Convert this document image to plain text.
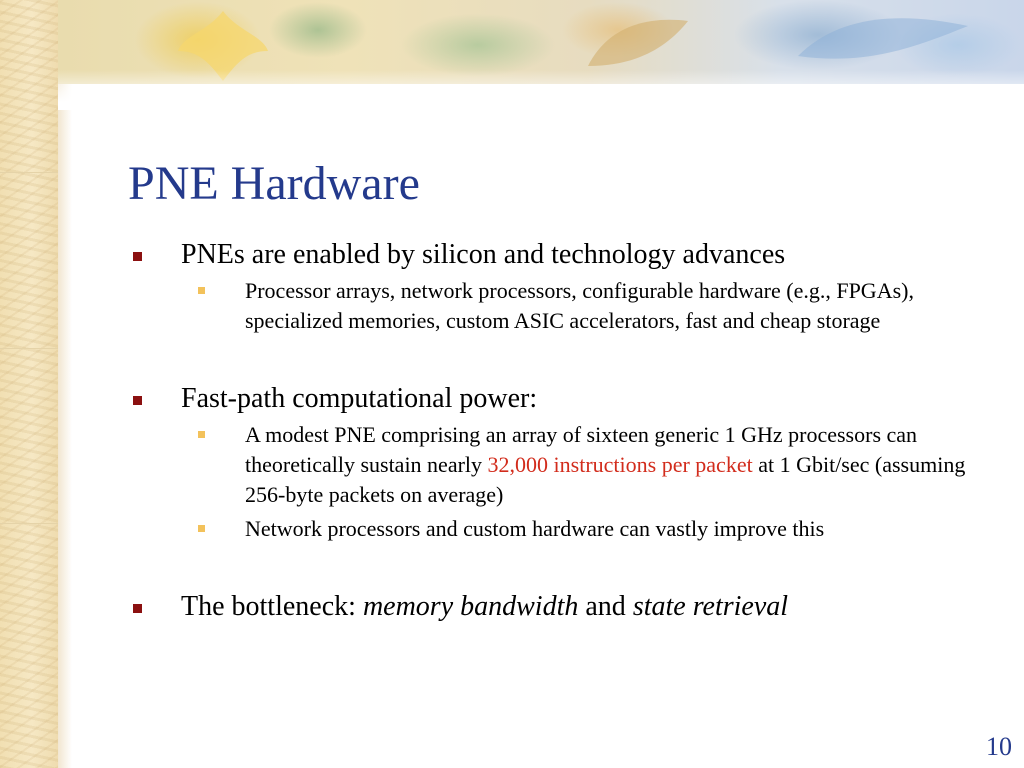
PNE Hardware
PNEs are enabled by silicon and technology advances
Processor arrays, network processors, configurable hardware (e.g., FPGAs), specialized memories, custom ASIC accelerators, fast and cheap storage
Fast-path computational power:
A modest PNE comprising an array of sixteen generic 1 GHz processors can theoretically sustain nearly 32,000 instructions per packet at 1 Gbit/sec (assuming 256-byte packets on average)
Network processors and custom hardware can vastly improve this
The bottleneck: memory bandwidth and state retrieval
10
